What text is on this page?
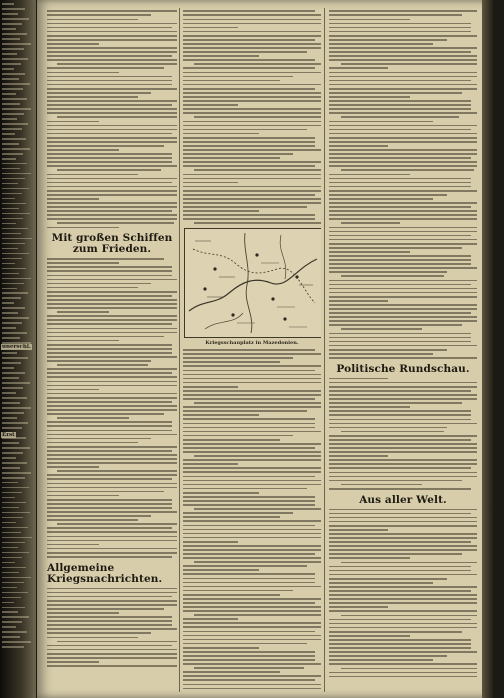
unerschl.
Erst
Mit großen Schiffen zum Frieden.
Allgemeine Kriegsnachrichten.
Kriegsschauplatz in Mazedonien.
Politische Rundschau.
Aus aller Welt.
